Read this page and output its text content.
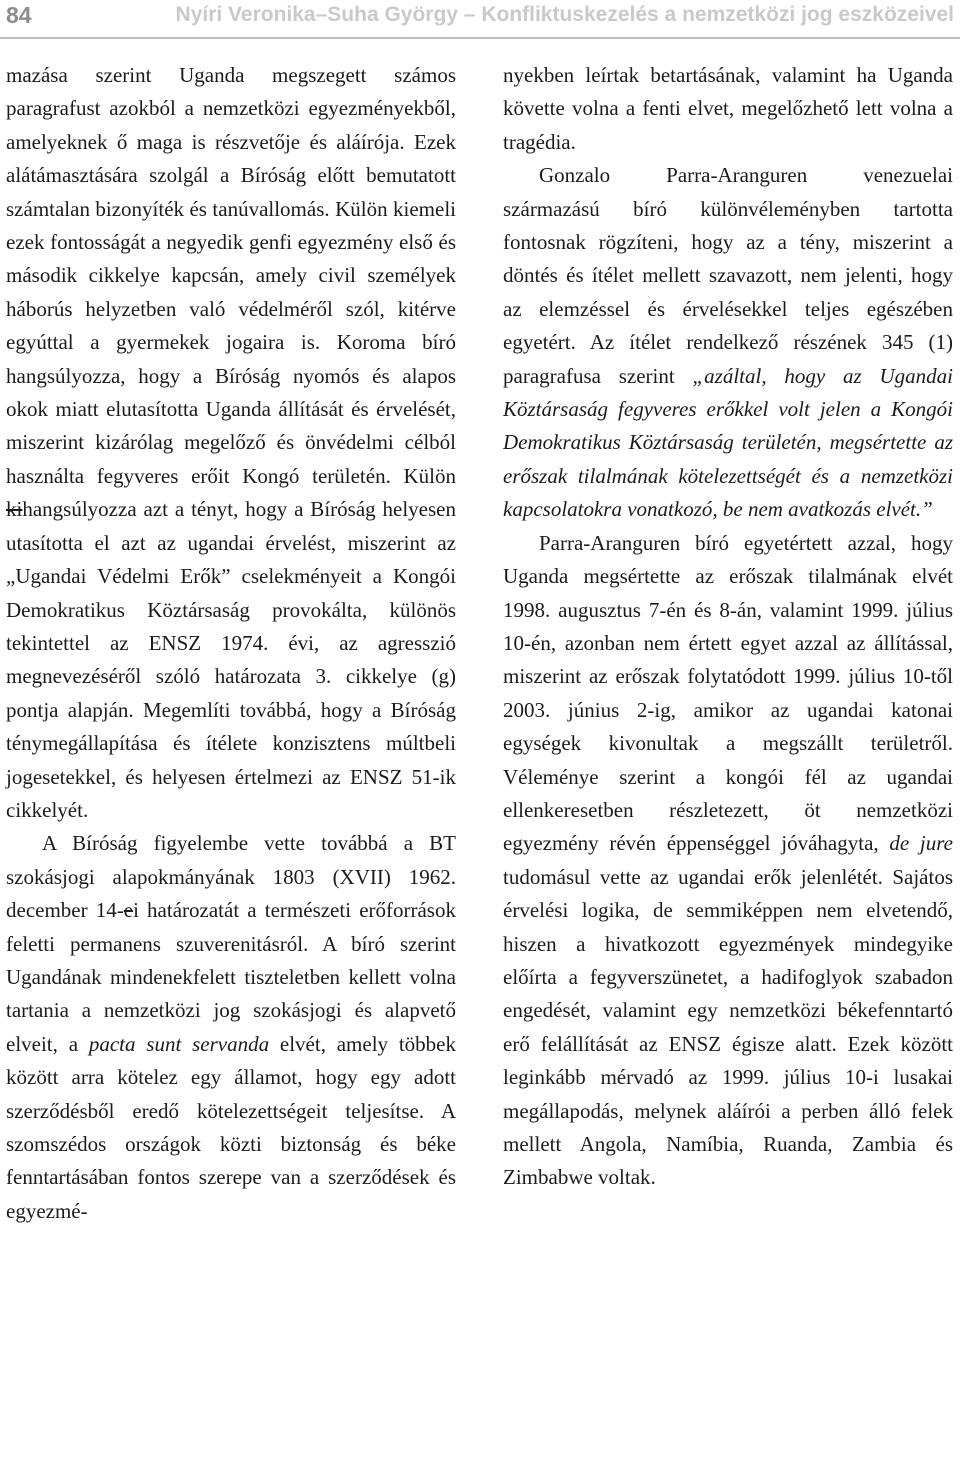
84	Nyíri Veronika–Suha György – Konfliktuskezelés a nemzetközi jog eszközeivel

mazása szerint Uganda megszegett számos paragrafust azokból a nemzetközi egyezményekből, amelyeknek ő maga is részvetője és aláírója. Ezek alátámasztására szolgál a Bíróság előtt bemutatott számtalan bizonyíték és tanúvallomás. Külön kiemeli ezek fontosságát a negyedik genfi egyezmény első és második cikkelye kapcsán, amely civil személyek háborús helyzetben való védelméről szól, kitérve egyúttal a gyermekek jogaira is. Koroma bíró hangsúlyozza, hogy a Bíróság nyomós és alapos okok miatt elutasította Uganda állítását és érvelését, miszerint kizárólag megelőző és önvédelmi célból használta fegyveres erőit Kongó területén. Külön kihangsúlyozza azt a tényt, hogy a Bíróság helyesen utasította el azt az ugandai érvelést, miszerint az „Ugandai Védelmi Erők” cselekményeit a Kongói Demokratikus Köztársaság provokálta, különös tekintettel az ENSZ 1974. évi, az agresszió megnevezéséről szóló határozata 3. cikkelye (g) pontja alapján. Megemlíti továbbá, hogy a Bíróság ténymegállapítása és ítélete konzisztens múltbeli jogesetekkel, és helyesen értelmezi az ENSZ 51-ik cikkelyét.

A Bíróság figyelembe vette továbbá a BT szokásjogi alapokmányának 1803 (XVII) 1962. december 14-ei határozatát a természeti erőforrások feletti permanens szuverenitásról. A bíró szerint Ugandának mindenekfelett tiszteletben kellett volna tartania a nemzetközi jog szokásjogi és alapvető elveit, a pacta sunt servanda elvét, amely többek között arra kötelez egy államot, hogy egy adott szerződésből eredő kötelezettségeit teljesítse. A szomszédos országok közti biztonság és béke fenntartásában fontos szerepe van a szerződések és egyezmé-

nyekben leírtak betartásának, valamint ha Uganda követte volna a fenti elvet, megelőzhető lett volna a tragédia.

Gonzalo Parra-Aranguren venezuelai származású bíró különvéleményben tartotta fontosnak rögzíteni, hogy az a tény, miszerint a döntés és ítélet mellett szavazott, nem jelenti, hogy az elemzéssel és érvelésekkel teljes egészében egyetért. Az ítélet rendelkező részének 345 (1) paragrafusa szerint „azáltal, hogy az Ugandai Köztársaság fegyveres erőkkel volt jelen a Kongói Demokratikus Köztársaság területén, megsértette az erőszak tilalmának kötelezettségét és a nemzetközi kapcsolatokra vonatkozó, be nem avatkozás elvét.”

Parra-Aranguren bíró egyetértett azzal, hogy Uganda megsértette az erőszak tilalmának elvét 1998. augusztus 7-én és 8-án, valamint 1999. július 10-én, azonban nem értett egyet azzal az állítással, miszerint az erőszak folytatódott 1999. július 10-től 2003. június 2-ig, amikor az ugandai katonai egységek kivonultak a megszállt területről. Véleménye szerint a kongói fél az ugandai ellenkeresetben részletezett, öt nemzetközi egyezmény révén éppenséggel jóváhagyta, de jure tudomásul vette az ugandai erők jelenlétét. Sajátos érvelési logika, de semmiképpen nem elvetendő, hiszen a hivatkozott egyezmények mindegyike előírta a fegyverszünetet, a hadifoglyok szabadon engedését, valamint egy nemzetközi békefenntartó erő felállítását az ENSZ égisze alatt. Ezek között leginkább mérvadó az 1999. július 10-i lusakai megállapodás, melynek aláírói a perben álló felek mellett Angola, Namíbia, Ruanda, Zambia és Zimbabwe voltak.
